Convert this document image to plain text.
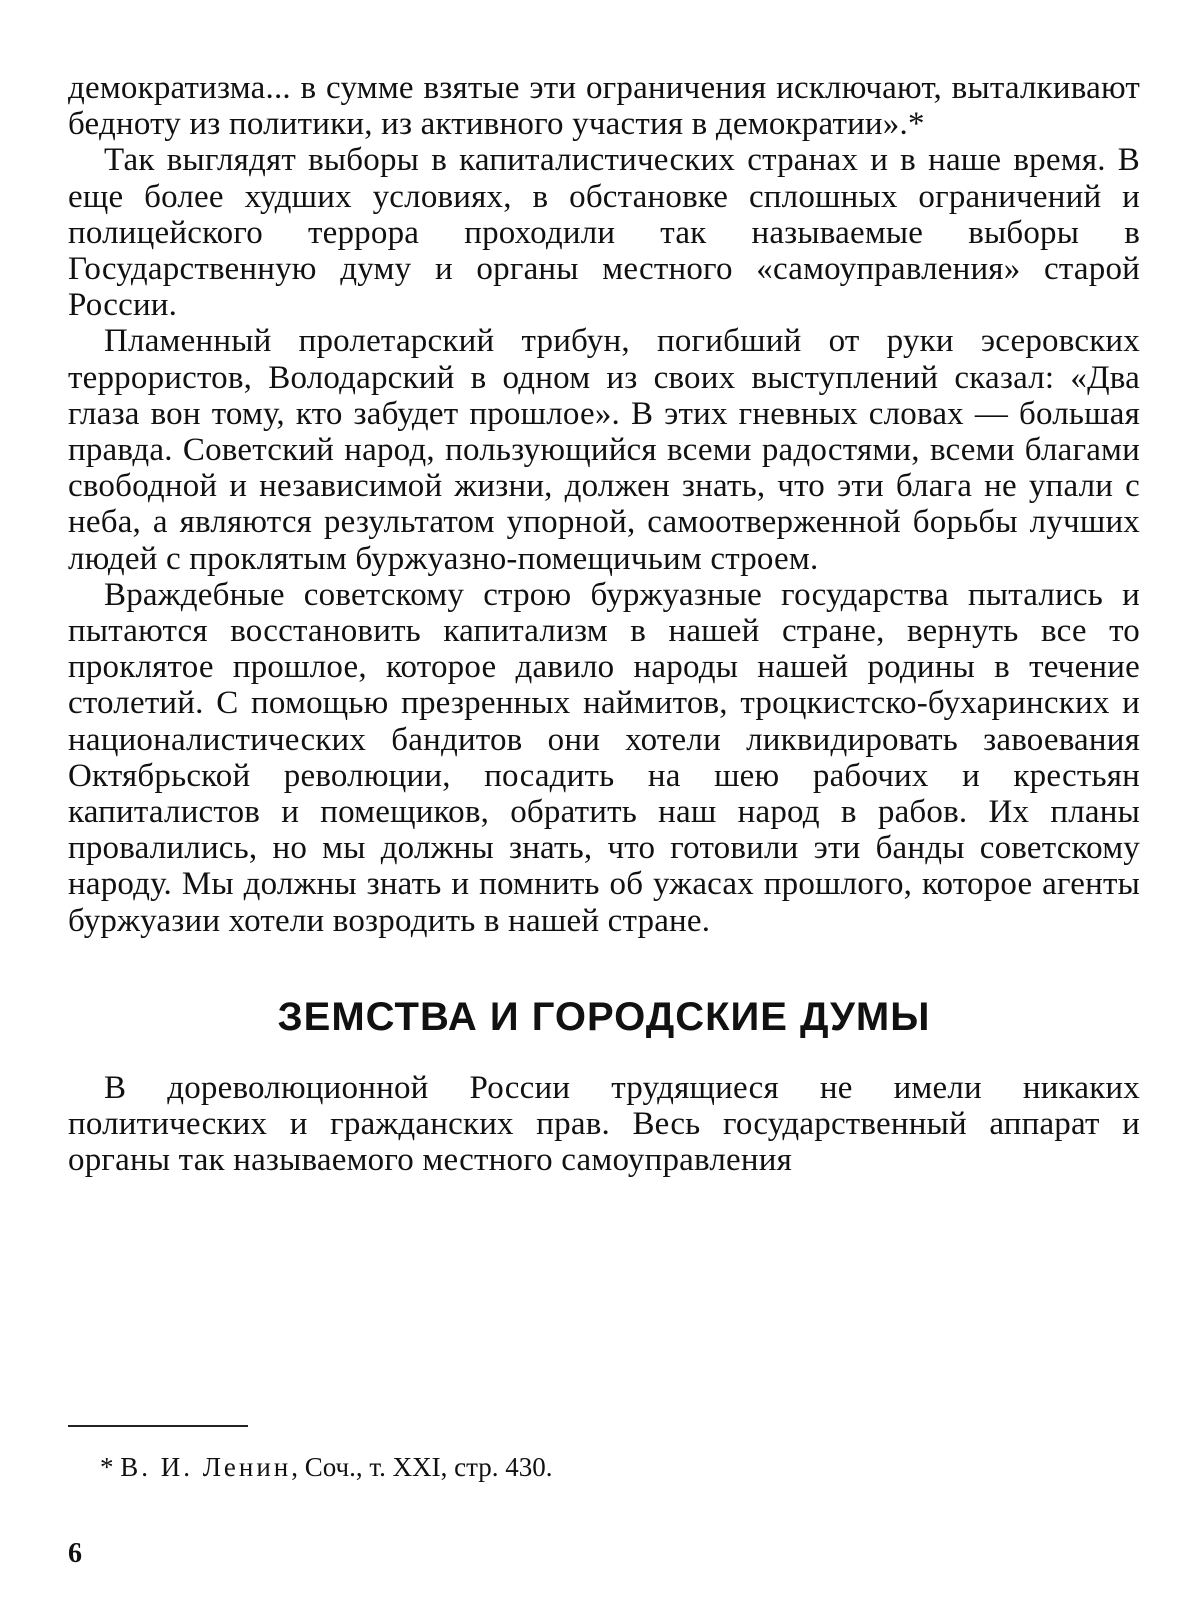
демократизма... в сумме взятые эти ограничения исключают, выталкивают бедноту из политики, из активного участия в демократии».*

Так выглядят выборы в капиталистических странах и в наше время. В еще более худших условиях, в обстановке сплошных ограничений и полицейского террора проходили так называемые выборы в Государственную думу и органы местного «самоуправления» старой России.

Пламенный пролетарский трибун, погибший от руки эсеровских террористов, Володарский в одном из своих выступлений сказал: «Два глаза вон тому, кто забудет прошлое». В этих гневных словах — большая правда. Советский народ, пользующийся всеми радостями, всеми благами свободной и независимой жизни, должен знать, что эти блага не упали с неба, а являются результатом упорной, самоотверженной борьбы лучших людей с проклятым буржуазно-помещичьим строем.

Враждебные советскому строю буржуазные государства пытались и пытаются восстановить капитализм в нашей стране, вернуть все то проклятое прошлое, которое давило народы нашей родины в течение столетий. С помощью презренных наймитов, троцкистско-бухаринских и националистических бандитов они хотели ликвидировать завоевания Октябрьской революции, посадить на шею рабочих и крестьян капиталистов и помещиков, обратить наш народ в рабов. Их планы провалились, но мы должны знать, что готовили эти банды советскому народу. Мы должны знать и помнить об ужасах прошлого, которое агенты буржуазии хотели возродить в нашей стране.

ЗЕМСТВА И ГОРОДСКИЕ ДУМЫ

В дореволюционной России трудящиеся не имели никаких политических и гражданских прав. Весь государственный аппарат и органы так называемого местного самоуправления

* В. И. Ленин, Соч., т. XXI, стр. 430.
6
